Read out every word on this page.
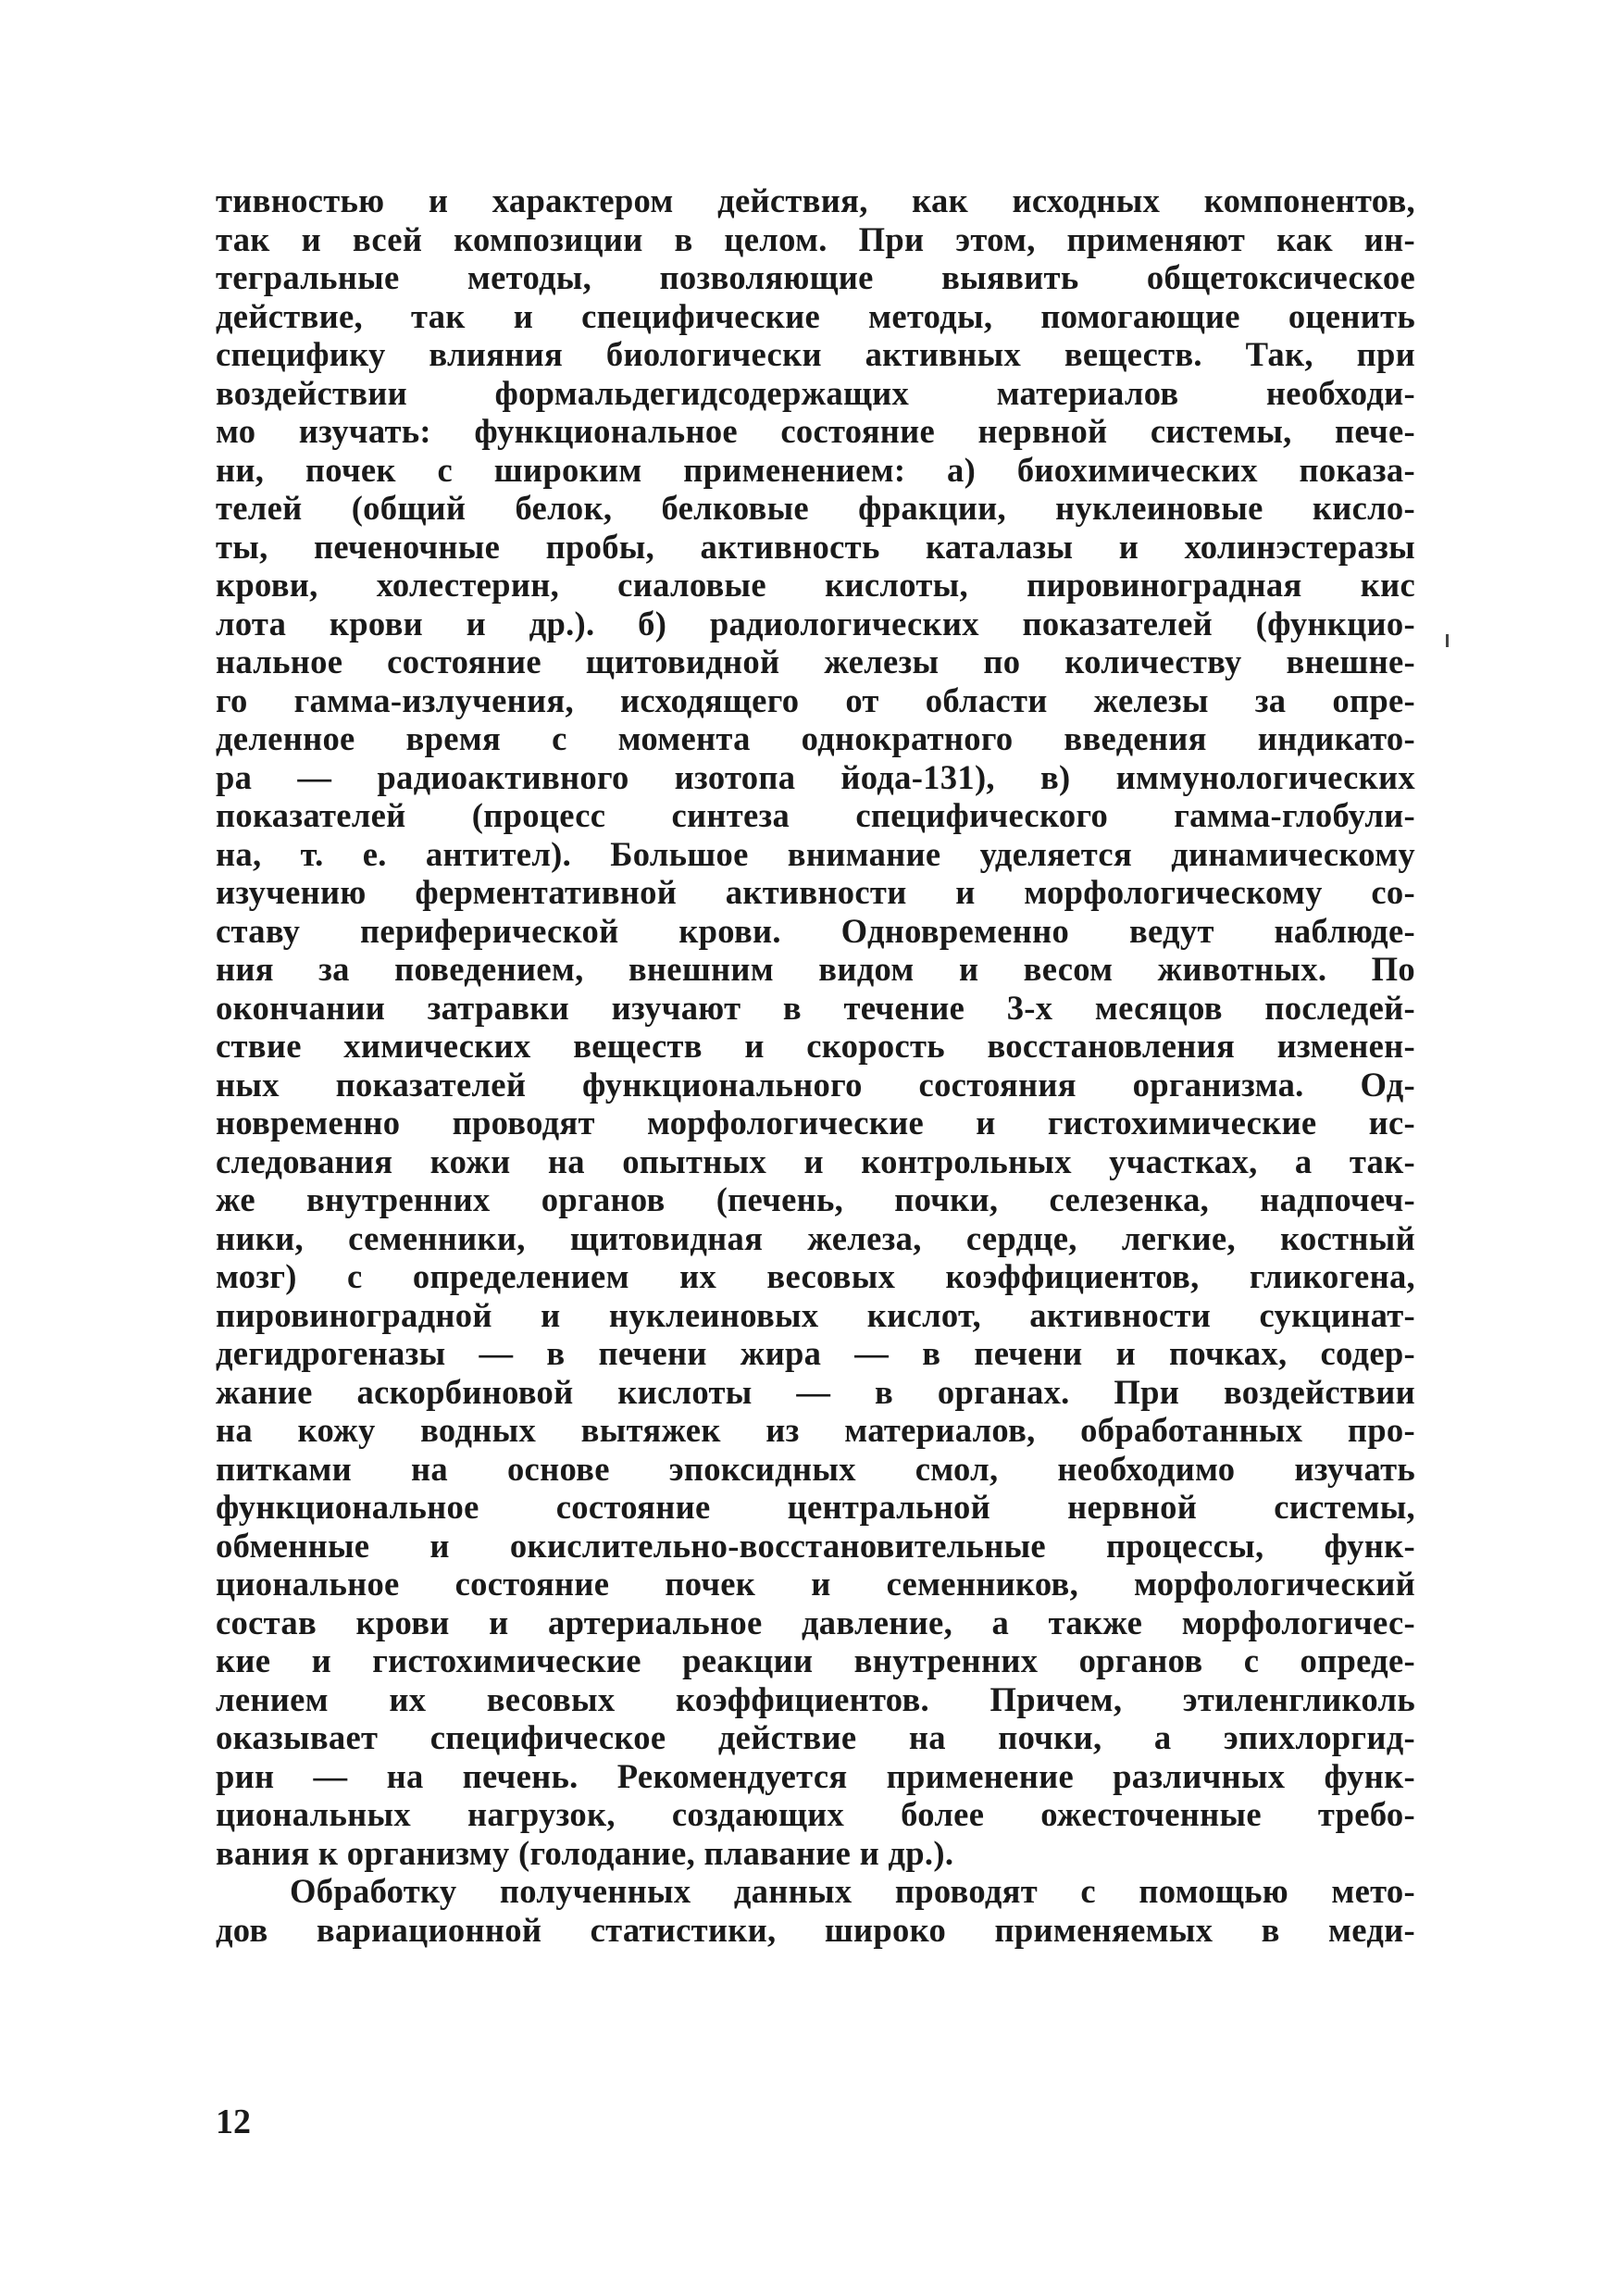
тивностью и характером действия, как исходных компонентов,
так и всей композиции в целом. При этом, применяют как ин-
тегральные методы, позволяющие выявить общетоксическое
действие, так и специфические методы, помогающие оценить
специфику влияния биологически активных веществ. Так, при
воздействии формальдегидсодержащих материалов необходи-
мо изучать: функциональное состояние нервной системы, пече-
ни, почек с широким применением: а) биохимических показа-
телей (общий белок, белковые фракции, нуклеиновые кисло-
ты, печеночные пробы, активность каталазы и холинэстеразы
крови, холестерин, сиаловые кислоты, пировиноградная кис
лота крови и др.). б) радиологических показателей (функцио-
нальное состояние щитовидной железы по количеству внешне-
го гамма-излучения, исходящего от области железы за опре-
деленное время с момента однократного введения индикато-
ра — радиоактивного изотопа йода-131), в) иммунологических
показателей (процесс синтеза специфического гамма-глобули-
на, т. е. антител). Большое внимание уделяется динамическому
изучению ферментативной активности и морфологическому со-
ставу периферической крови. Одновременно ведут наблюде-
ния за поведением, внешним видом и весом животных. По
окончании затравки изучают в течение 3-х месяцов последей-
ствие химических веществ и скорость восстановления изменен-
ных показателей функционального состояния организма. Од-
новременно проводят морфологические и гистохимические ис-
следования кожи на опытных и контрольных участках, а так-
же внутренних органов (печень, почки, селезенка, надпочеч-
ники, семенники, щитовидная железа, сердце, легкие, костный
мозг) с определением их весовых коэффициентов, гликогена,
пировиноградной и нуклеиновых кислот, активности сукцинат-
дегидрогеназы — в печени жира — в печени и почках, содер-
жание аскорбиновой кислоты — в органах. При воздействии
на кожу водных вытяжек из материалов, обработанных про-
питками на основе эпоксидных смол, необходимо изучать
функциональное состояние центральной нервной системы,
обменные и окислительно-восстановительные процессы, функ-
циональное состояние почек и семенников, морфологический
состав крови и артериальное давление, а также морфологичес-
кие и гистохимические реакции внутренних органов с опреде-
лением их весовых коэффициентов. Причем, этиленгликоль
оказывает специфическое действие на почки, а эпихлоргид-
рин — на печень. Рекомендуется применение различных функ-
циональных нагрузок, создающих более ожесточенные требо-
вания к организму (голодание, плавание и др.).
Обработку полученных данных проводят с помощью мето-
дов вариационной статистики, широко применяемых в меди-
12
